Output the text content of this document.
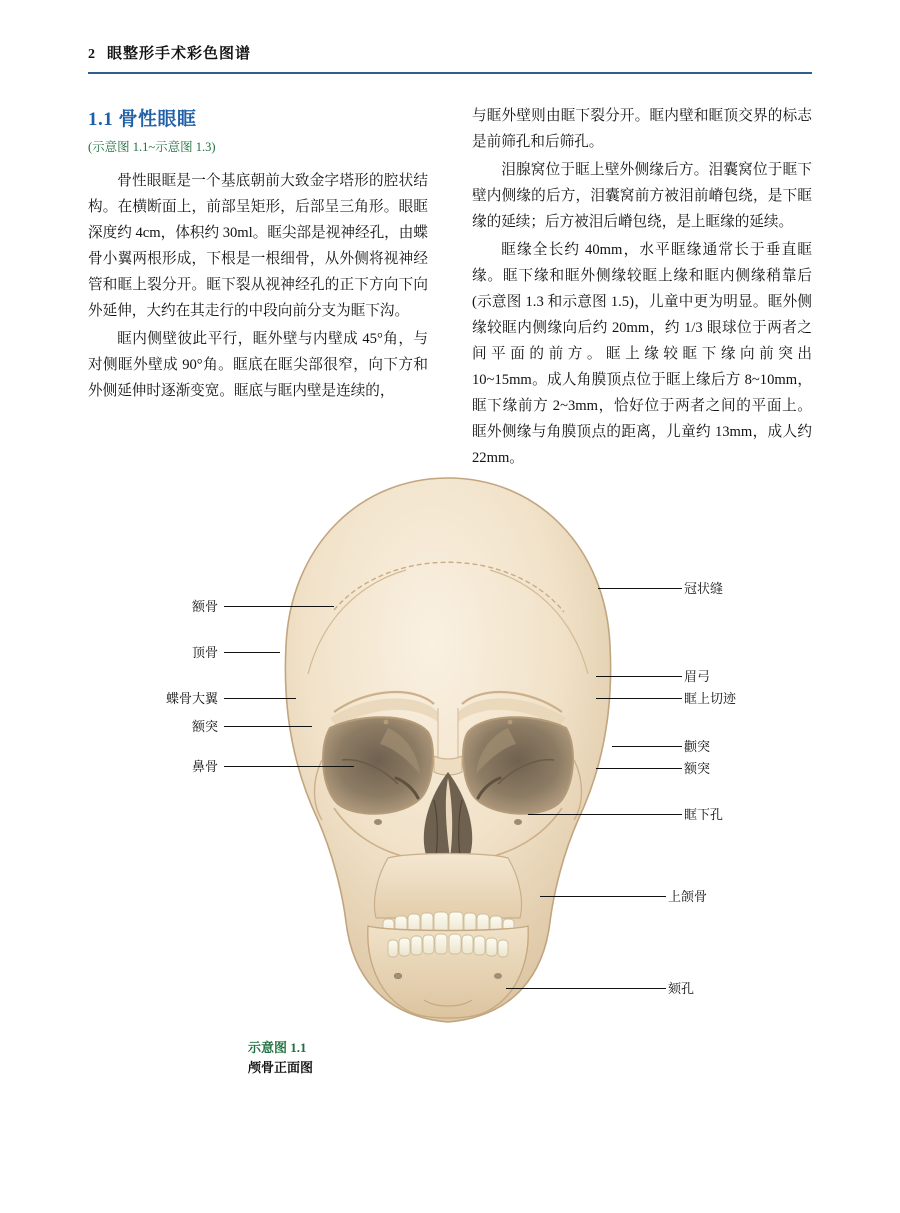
2 眼整形手术彩色图谱
1.1 骨性眼眶

(示意图 1.1~示意图 1.3)

骨性眼眶是一个基底朝前大致金字塔形的腔状结构。在横断面上，前部呈矩形，后部呈三角形。眼眶深度约 4cm，体积约 30ml。眶尖部是视神经孔，由蝶骨小翼两根形成，下根是一根细骨，从外侧将视神经管和眶上裂分开。眶下裂从视神经孔的正下方向下向外延伸，大约在其走行的中段向前分支为眶下沟。

眶内侧壁彼此平行，眶外壁与内壁成 45°角，与对侧眶外壁成 90°角。眶底在眶尖部很窄，向下方和外侧延伸时逐渐变宽。眶底与眶内壁是连续的，

与眶外壁则由眶下裂分开。眶内壁和眶顶交界的标志是前筛孔和后筛孔。

泪腺窝位于眶上壁外侧缘后方。泪囊窝位于眶下壁内侧缘的后方，泪囊窝前方被泪前嵴包绕，是下眶缘的延续；后方被泪后嵴包绕，是上眶缘的延续。

眶缘全长约 40mm，水平眶缘通常长于垂直眶缘。眶下缘和眶外侧缘较眶上缘和眶内侧缘稍靠后(示意图 1.3 和示意图 1.5)，儿童中更为明显。眶外侧缘较眶内侧缘向后约 20mm，约 1/3 眼球位于两者之间平面的前方。眶上缘较眶下缘向前突出 10~15mm。成人角膜顶点位于眶上缘后方 8~10mm，眶下缘前方 2~3mm，恰好位于两者之间的平面上。眶外侧缘与角膜顶点的距离，儿童约 13mm，成人约 22mm。

额骨
顶骨
蝶骨大翼
额突
鼻骨
冠状缝
眉弓
眶上切迹
颧突
额突
眶下孔
上颌骨
颏孔
示意图 1.1
颅骨正面图
